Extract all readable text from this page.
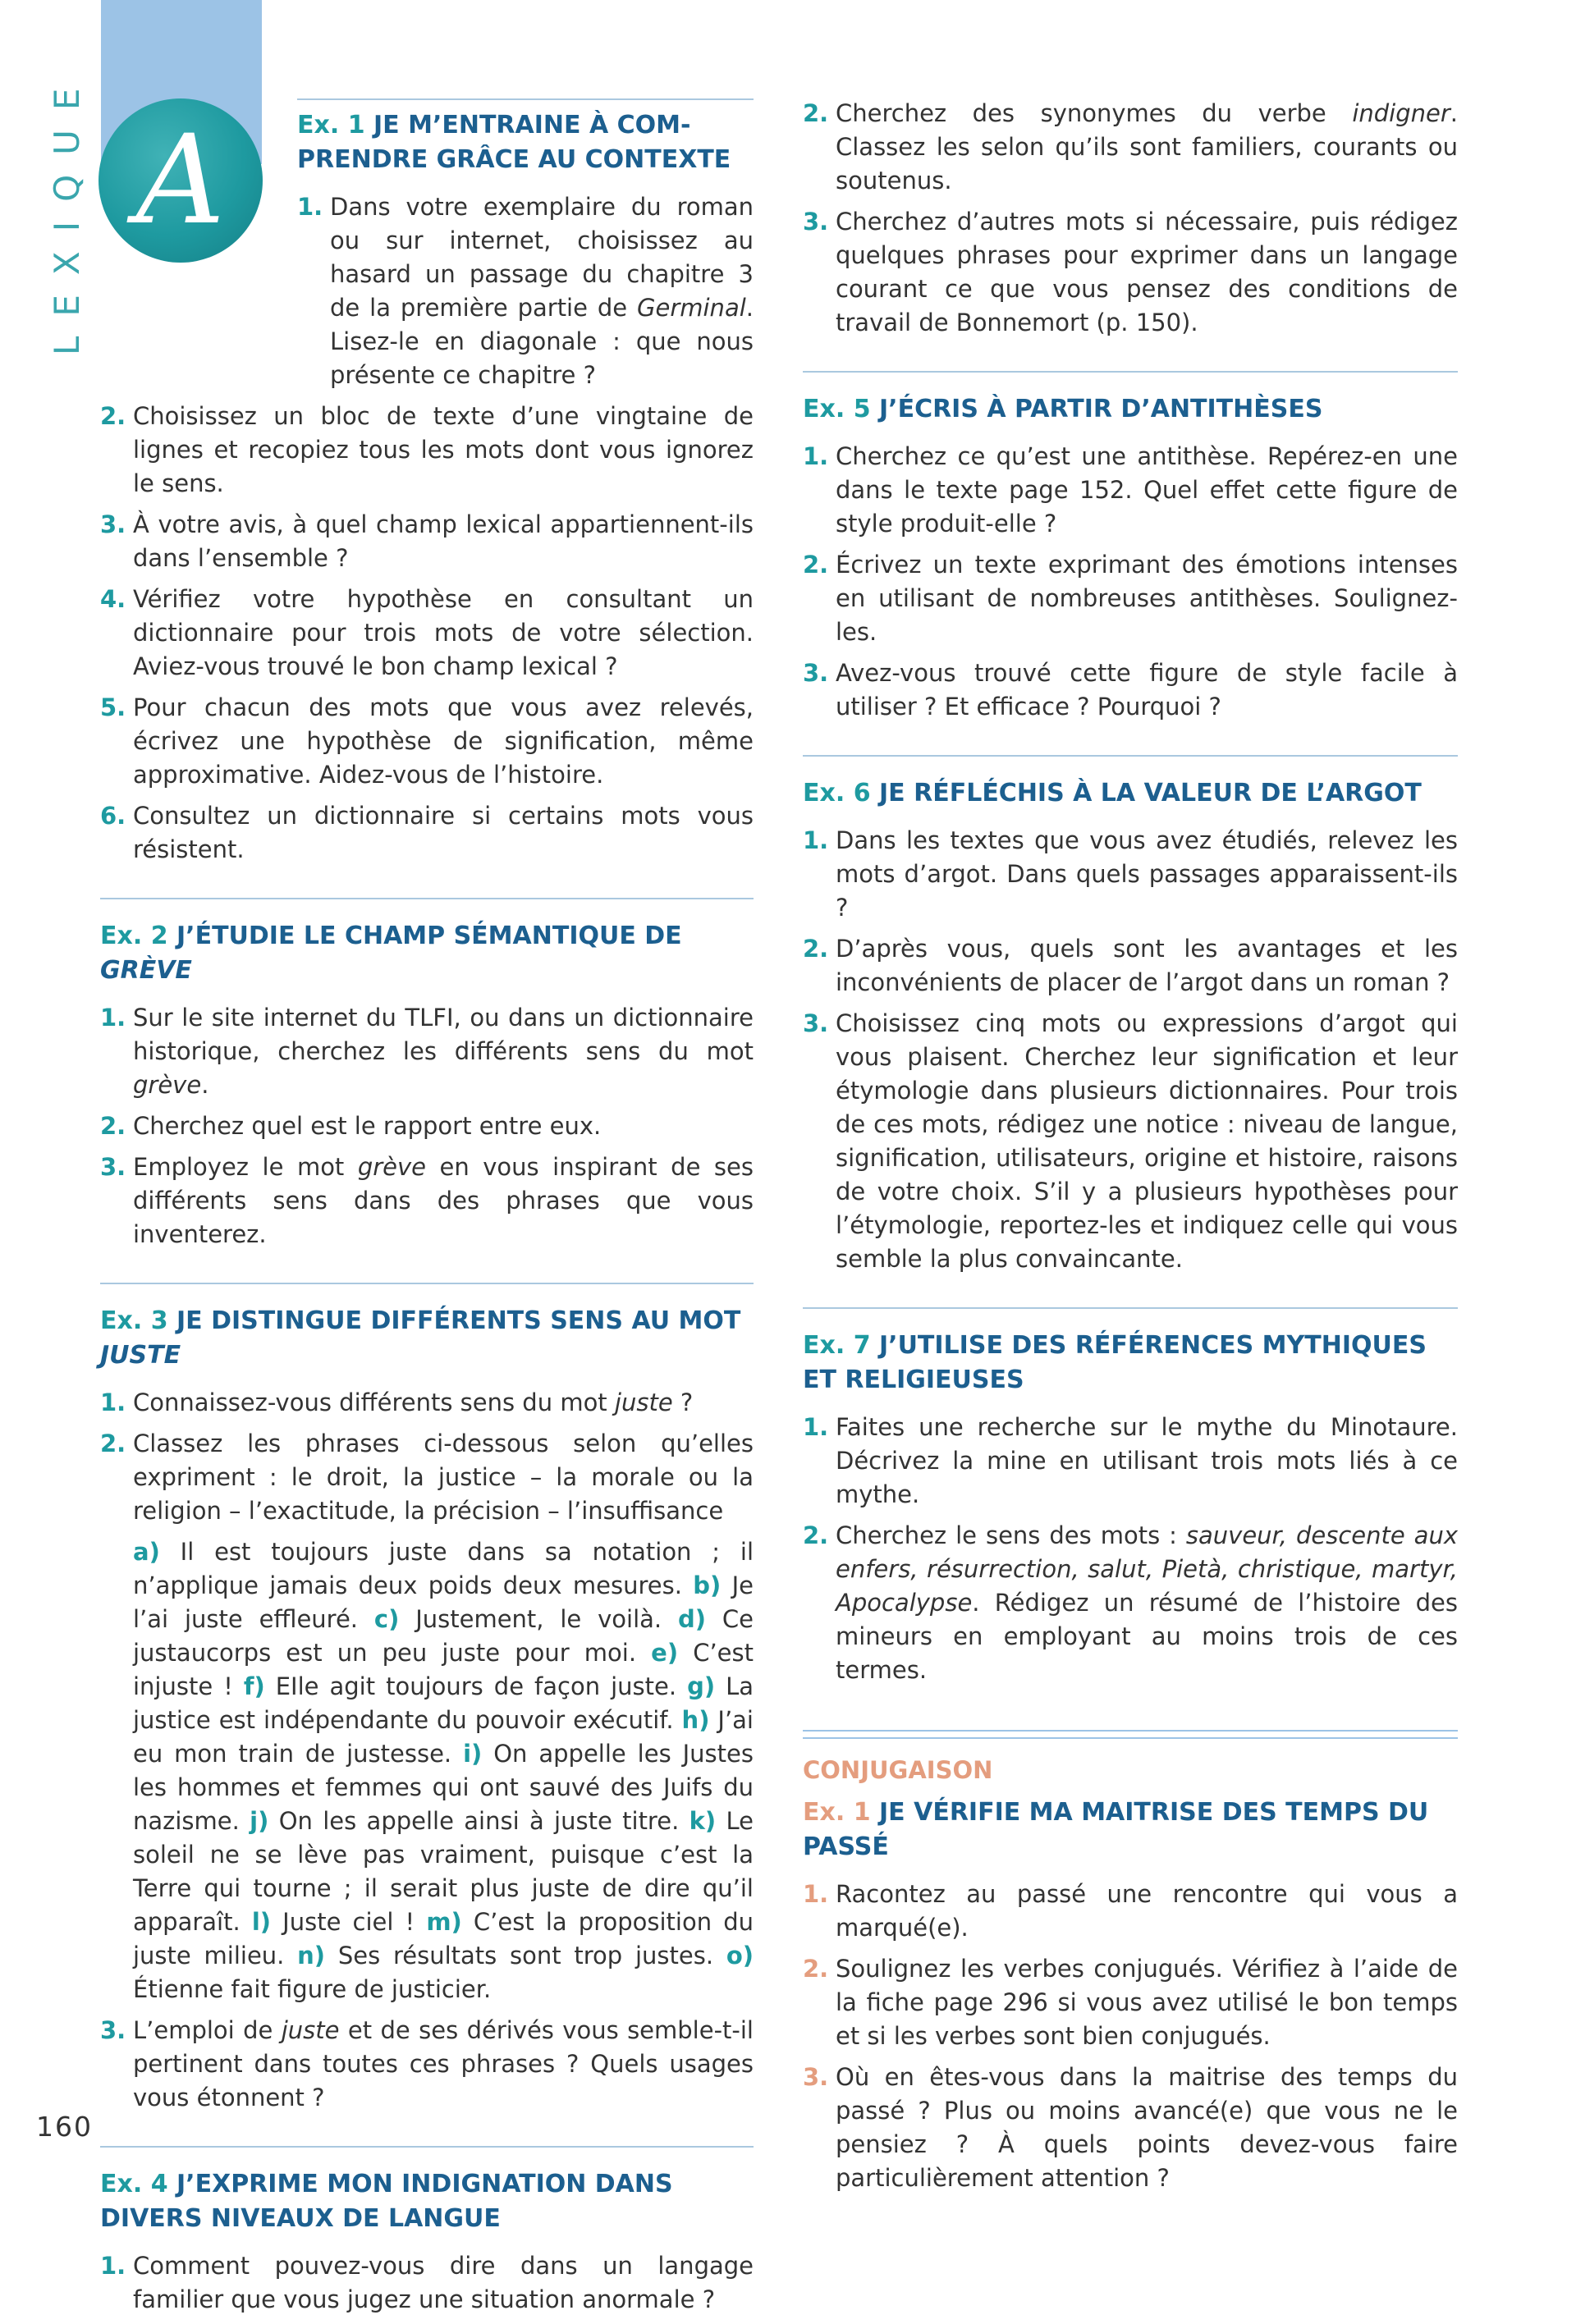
LEXIQUE A	Ex. 1 JE M’ENTRAINE À COM-
PRENDRE GRÂCE AU CONTEXTE
1. Dans votre exemplaire du roman ou sur internet, choisissez au hasard un passage du chapitre 3 de la première partie de Germinal. Lisez-le en diagonale : que nous présente ce chapitre ?
2. Choisissez un bloc de texte d’une vingtaine de lignes et recopiez tous les mots dont vous ignorez le sens.
3. À votre avis, à quel champ lexical appartiennent-ils dans l’ensemble ?
4. Vérifiez votre hypothèse en consultant un dictionnaire pour trois mots de votre sélection. Aviez-vous trouvé le bon champ lexical ?
5. Pour chacun des mots que vous avez relevés, écrivez une hypothèse de signification, même approximative. Aidez-vous de l’histoire.
6. Consultez un dictionnaire si certains mots vous résistent.
Ex. 2 J’ÉTUDIE LE CHAMP SÉMANTIQUE DE GRÈVE
1. Sur le site internet du TLFI, ou dans un dictionnaire historique, cherchez les différents sens du mot grève.
2. Cherchez quel est le rapport entre eux.
3. Employez le mot grève en vous inspirant de ses différents sens dans des phrases que vous inventerez.
Ex. 3 JE DISTINGUE DIFFÉRENTS SENS AU MOT
JUSTE
1. Connaissez-vous différents sens du mot juste ?
2. Classez les phrases ci-dessous selon qu’elles expriment : le droit, la justice – la morale ou la religion – l’exactitude, la précision – l’insuffisance
a) Il est toujours juste dans sa notation ; il n’applique jamais deux poids deux mesures. b) Je l’ai juste effleuré. c) Justement, le voilà. d) Ce justaucorps est un peu juste pour moi. e) C’est injuste ! f) EIle agit toujours de façon juste. g) La justice est indépendante du pouvoir exécutif. h) J’ai eu mon train de justesse. i) On appelle les Justes les hommes et femmes qui ont sauvé des Juifs du nazisme. j) On les appelle ainsi à juste titre. k) Le soleil ne se lève pas vraiment, puisque c’est la Terre qui tourne ; il serait plus juste de dire qu’il apparaît. l) Juste ciel ! m) C’est la proposition du juste milieu. n) Ses résultats sont trop justes. o) Étienne fait figure de justicier.
3. L’emploi de juste et de ses dérivés vous semble-t-il pertinent dans toutes ces phrases ? Quels usages vous étonnent ?
Ex. 4 J’EXPRIME MON INDIGNATION DANS DIVERS NIVEAUX DE LANGUE
1. Comment pouvez-vous dire dans un langage familier que vous jugez une situation anormale ?
2. Cherchez des synonymes du verbe indigner. Classez les selon qu’ils sont familiers, courants ou soutenus.
3. Cherchez d’autres mots si nécessaire, puis rédigez quelques phrases pour exprimer dans un langage courant ce que vous pensez des conditions de travail de Bonnemort (p. 150).
Ex. 5 J’ÉCRIS À PARTIR D’ANTITHÈSES
1. Cherchez ce qu’est une antithèse. Repérez-en une dans le texte page 152. Quel effet cette figure de style produit-elle ?
2. Écrivez un texte exprimant des émotions intenses en utilisant de nombreuses antithèses. Soulignez-les.
3. Avez-vous trouvé cette figure de style facile à utiliser ? Et efficace ? Pourquoi ?
Ex. 6 JE RÉFLÉCHIS À LA VALEUR DE L’ARGOT
1. Dans les textes que vous avez étudiés, relevez les mots d’argot. Dans quels passages apparaissent-ils ?
2. D’après vous, quels sont les avantages et les inconvénients de placer de l’argot dans un roman ?
3. Choisissez cinq mots ou expressions d’argot qui vous plaisent. Cherchez leur signification et leur étymologie dans plusieurs dictionnaires. Pour trois de ces mots, rédigez une notice : niveau de langue, signification, utilisateurs, origine et histoire, raisons de votre choix. S’il y a plusieurs hypothèses pour l’étymologie, reportez-les et indiquez celle qui vous semble la plus convaincante.
Ex. 7 J’UTILISE DES RÉFÉRENCES MYTHIQUES
ET RELIGIEUSES
1. Faites une recherche sur le mythe du Minotaure. Décrivez la mine en utilisant trois mots liés à ce mythe.
2. Cherchez le sens des mots : sauveur, descente aux enfers, résurrection, salut, Pietà, christique, martyr, Apocalypse. Rédigez un résumé de l’histoire des mineurs en employant au moins trois de ces termes.
CONJUGAISON
Ex. 1 JE VÉRIFIE MA MAITRISE DES TEMPS DU PASSÉ
1. Racontez au passé une rencontre qui vous a marqué(e).
2. Soulignez les verbes conjugués. Vérifiez à l’aide de la fiche page 296 si vous avez utilisé le bon temps et si les verbes sont bien conjugués.
3. Où en êtes-vous dans la maitrise des temps du passé ? Plus ou moins avancé(e) que vous ne le pensiez ? À quels points devez-vous faire particulièrement attention ?
160
